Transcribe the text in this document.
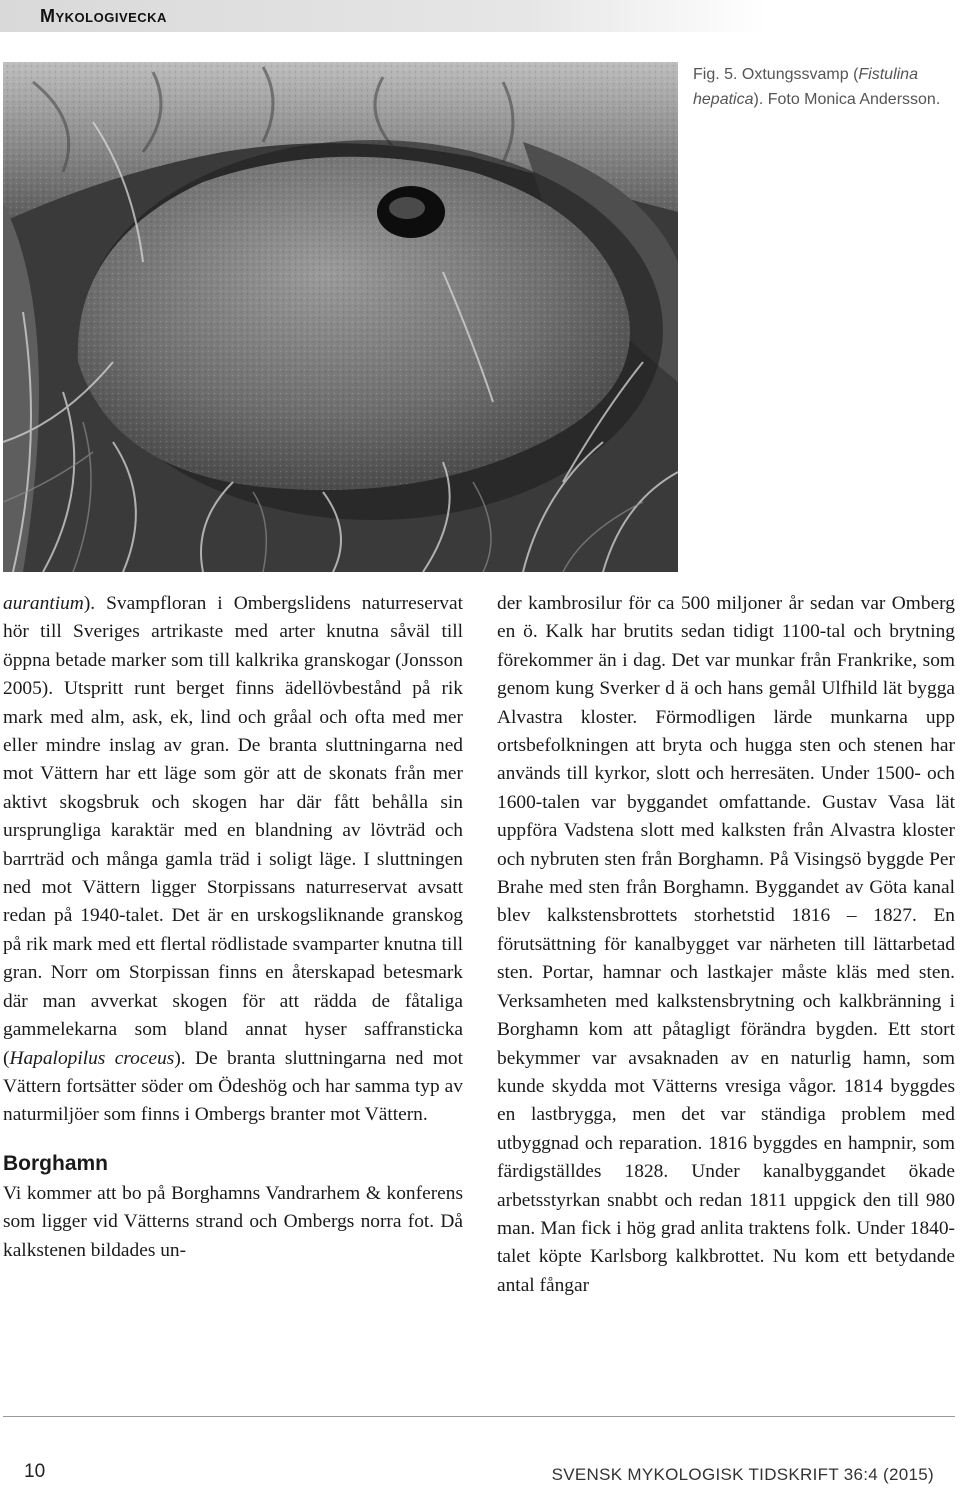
Mykologivecka
Fig. 5. Oxtungssvamp (Fistulina hepatica). Foto Monica Andersson.

aurantium). Svampfloran i Ombergslidens naturreservat hör till Sveriges artrikaste med arter knutna såväl till öppna betade marker som till kalkrika granskogar (Jonsson 2005). Utspritt runt berget finns ädellövbestånd på rik mark med alm, ask, ek, lind och gråal och ofta med mer eller mindre inslag av gran. De branta sluttningarna ned mot Vättern har ett läge som gör att de skonats från mer aktivt skogsbruk och skogen har där fått behålla sin ursprungliga karaktär med en blandning av lövträd och barrträd och många gamla träd i soligt läge. I sluttningen ned mot Vättern ligger Storpissans naturreservat avsatt redan på 1940-talet. Det är en urskogsliknande granskog på rik mark med ett flertal rödlistade svamparter knutna till gran. Norr om Storpissan finns en återskapad betesmark där man avverkat skogen för att rädda de fåtaliga gammelekarna som bland annat hyser saffransticka (Hapalopilus croceus). De branta sluttningarna ned mot Vättern fortsätter söder om Ödeshög och har samma typ av naturmiljöer som finns i Ombergs branter mot Vättern.

Borghamn

Vi kommer att bo på Borghamns Vandrarhem & konferens som ligger vid Vätterns strand och Ombergs norra fot. Då kalkstenen bildades un-

der kambrosilur för ca 500 miljoner år sedan var Omberg en ö. Kalk har brutits sedan tidigt 1100-tal och brytning förekommer än i dag. Det var munkar från Frankrike, som genom kung Sverker d ä och hans gemål Ulfhild lät bygga Alvastra kloster. Förmodligen lärde munkarna upp ortsbefolkningen att bryta och hugga sten och stenen har används till kyrkor, slott och herresäten. Under 1500- och 1600-talen var byggandet omfattande. Gustav Vasa lät uppföra Vadstena slott med kalksten från Alvastra kloster och nybruten sten från Borghamn. På Visingsö byggde Per Brahe med sten från Borghamn. Byggandet av Göta kanal blev kalkstensbrottets storhetstid 1816 – 1827. En förutsättning för kanalbygget var närheten till lättarbetad sten. Portar, hamnar och lastkajer måste kläs med sten. Verksamheten med kalkstensbrytning och kalkbränning i Borghamn kom att påtagligt förändra bygden. Ett stort bekymmer var avsaknaden av en naturlig hamn, som kunde skydda mot Vätterns vresiga vågor. 1814 byggdes en lastbrygga, men det var ständiga problem med utbyggnad och reparation. 1816 byggdes en hampnir, som färdigställdes 1828. Under kanalbyggandet ökade arbetsstyrkan snabbt och redan 1811 uppgick den till 980 man. Man fick i hög grad anlita traktens folk. Under 1840-talet köpte Karlsborg kalkbrottet. Nu kom ett betydande antal fångar

10	SVENSK MYKOLOGISK TIDSKRIFT 36:4 (2015)
